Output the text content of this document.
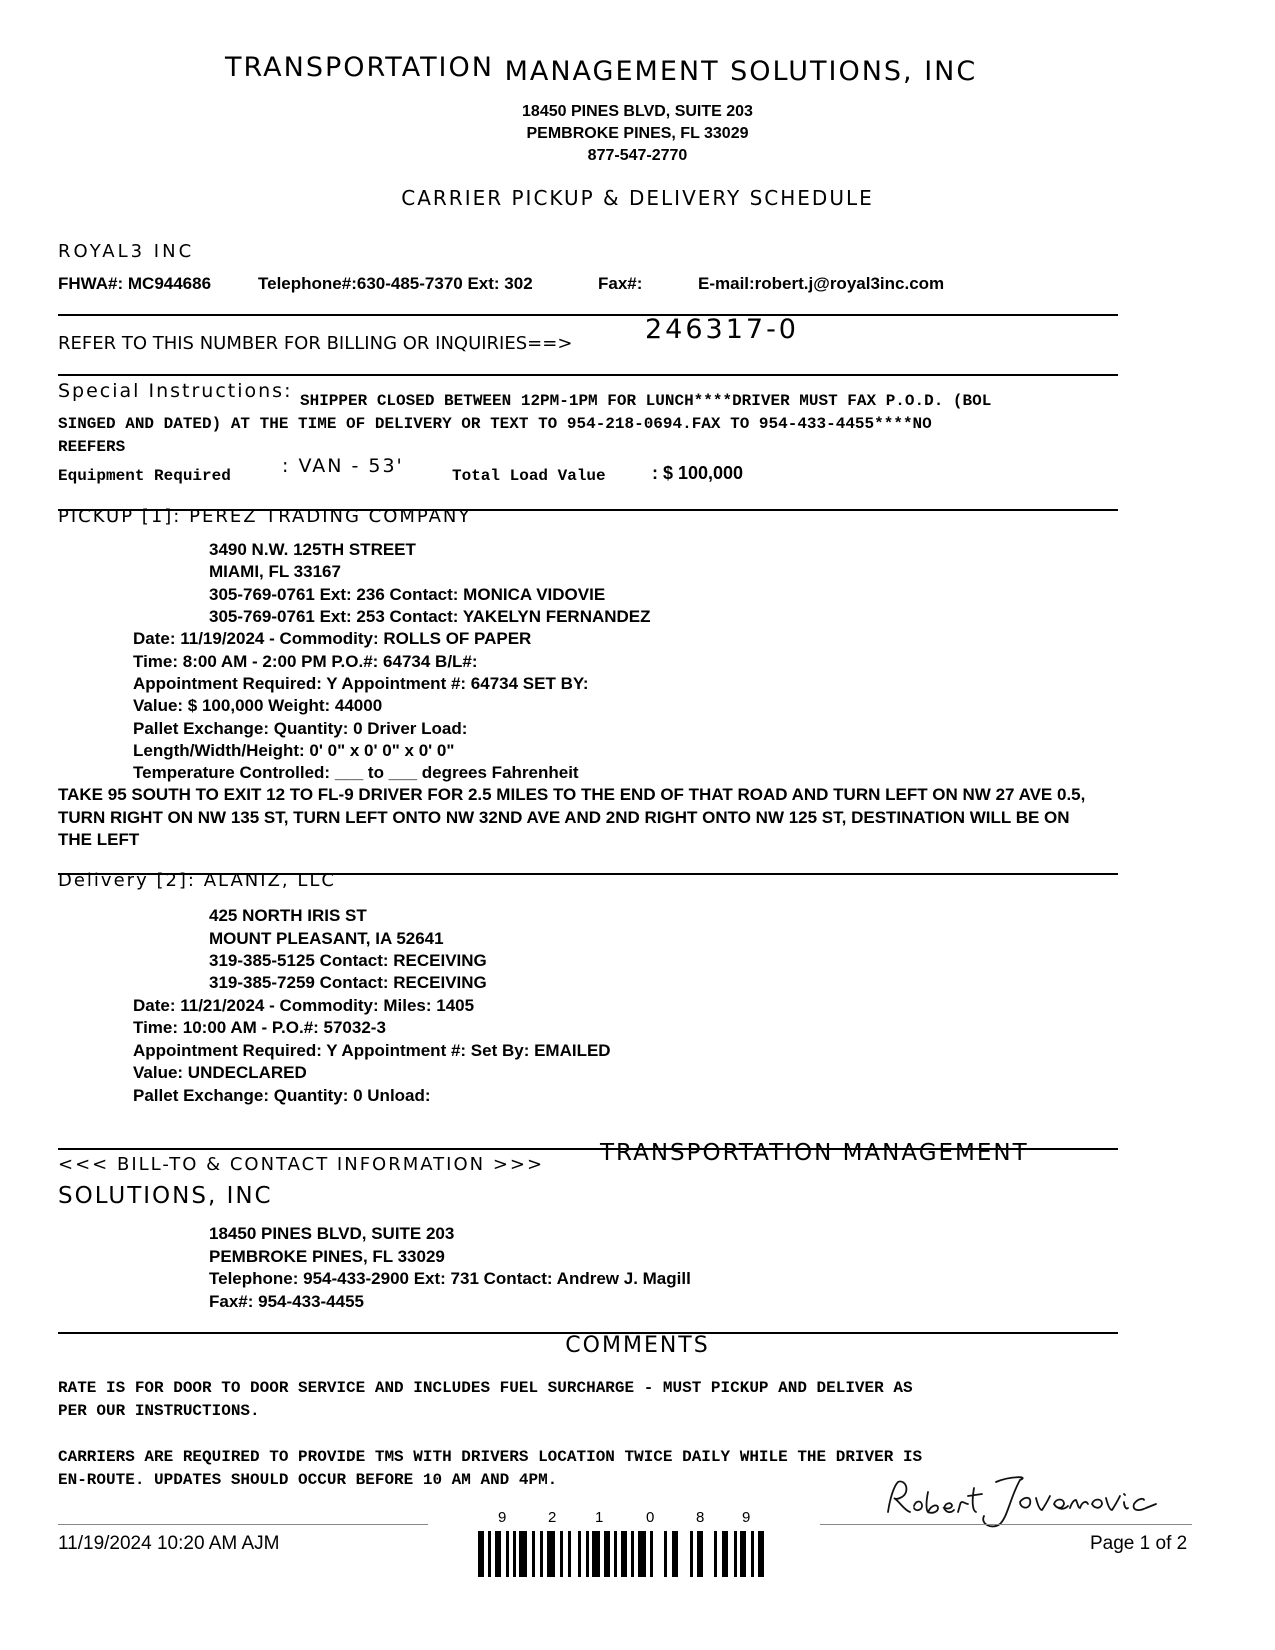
TRANSPORTATION MANAGEMENT SOLUTIONS, INC
18450 PINES BLVD, SUITE 203
PEMBROKE PINES, FL 33029
877-547-2770
CARRIER PICKUP & DELIVERY SCHEDULE
ROYAL3 INC
FHWA#: MC944686	Telephone#:630-485-7370 Ext: 302	Fax#:	E-mail:robert.j@royal3inc.com
REFER TO THIS NUMBER FOR BILLING OR INQUIRIES==>	246317-0
Special Instructions: SHIPPER CLOSED BETWEEN 12PM-1PM FOR LUNCH****DRIVER MUST FAX P.O.D. (BOL
SINGED AND DATED) AT THE TIME OF DELIVERY OR TEXT TO 954-218-0694.FAX TO 954-433-4455****NO
REEFERS
Equipment Required	: VAN - 53'	Total Load Value	: $ 100,000
PICKUP [1]: PEREZ TRADING COMPANY
3490 N.W. 125TH STREET
MIAMI, FL 33167
305-769-0761 Ext: 236 Contact: MONICA VIDOVIE
305-769-0761 Ext: 253 Contact: YAKELYN FERNANDEZ
Date: 11/19/2024 - Commodity: ROLLS OF PAPER
Time: 8:00 AM - 2:00 PM P.O.#: 64734 B/L#:
Appointment Required: Y Appointment #: 64734 SET BY:
Value: $ 100,000 Weight: 44000
Pallet Exchange: Quantity: 0 Driver Load:
Length/Width/Height: 0' 0" x 0' 0" x 0' 0"
Temperature Controlled: ___ to ___ degrees Fahrenheit
TAKE 95 SOUTH TO EXIT 12 TO FL-9 DRIVER FOR 2.5 MILES TO THE END OF THAT ROAD AND TURN LEFT ON NW 27 AVE 0.5,
TURN RIGHT ON NW 135 ST, TURN LEFT ONTO NW 32ND AVE AND 2ND RIGHT ONTO NW 125 ST, DESTINATION WILL BE ON
THE LEFT
Delivery [2]: ALANIZ, LLC
425 NORTH IRIS ST
MOUNT PLEASANT, IA 52641
319-385-5125 Contact: RECEIVING
319-385-7259 Contact: RECEIVING
Date: 11/21/2024 - Commodity: Miles: 1405
Time: 10:00 AM - P.O.#: 57032-3
Appointment Required: Y Appointment #: Set By: EMAILED
Value: UNDECLARED
Pallet Exchange: Quantity: 0 Unload:
<<< BILL-TO & CONTACT INFORMATION >>> TRANSPORTATION MANAGEMENT
SOLUTIONS, INC
18450 PINES BLVD, SUITE 203
PEMBROKE PINES, FL 33029
Telephone: 954-433-2900 Ext: 731 Contact: Andrew J. Magill
Fax#: 954-433-4455
COMMENTS
RATE IS FOR DOOR TO DOOR SERVICE AND INCLUDES FUEL SURCHARGE - MUST PICKUP AND DELIVER AS
PER OUR INSTRUCTIONS.
CARRIERS ARE REQUIRED TO PROVIDE TMS WITH DRIVERS LOCATION TWICE DAILY WHILE THE DRIVER IS
EN-ROUTE. UPDATES SHOULD OCCUR BEFORE 10 AM AND 4PM.
11/19/2024 10:20 AM AJM	Page 1 of 2
9	2	1	0	8	9
